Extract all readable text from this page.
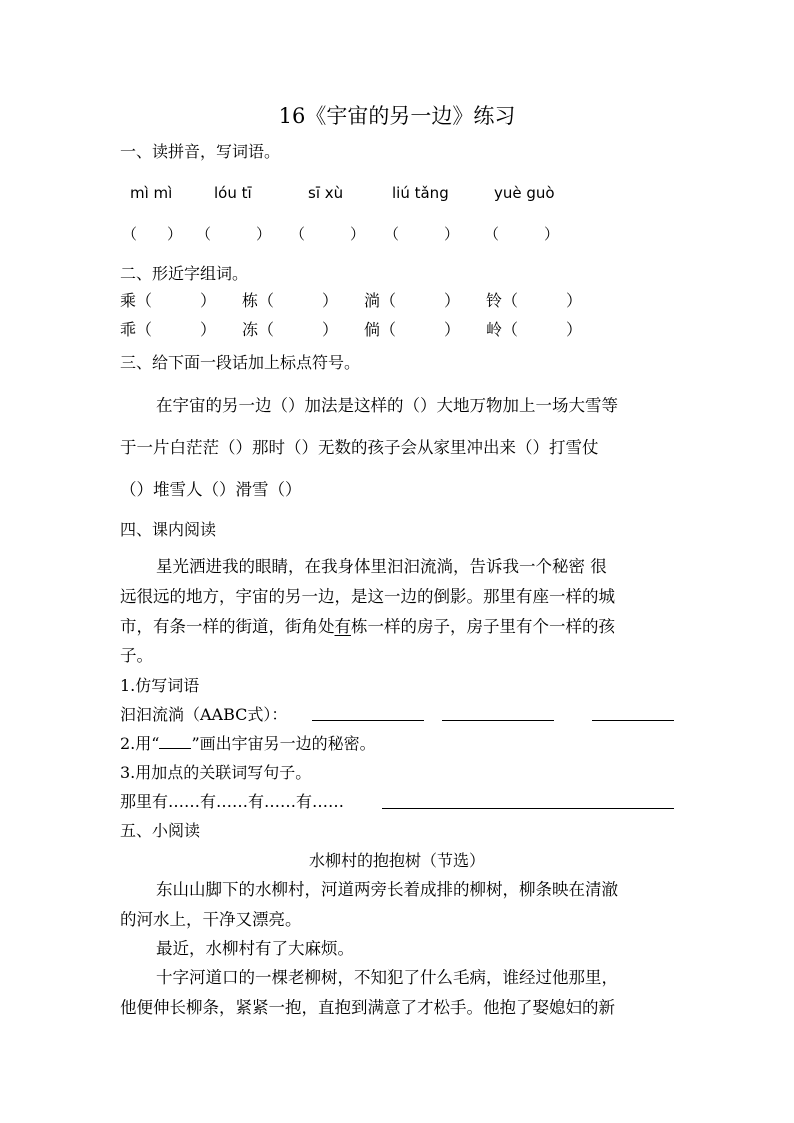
16《宇宙的另一边》练习
一、读拼音，写词语。
mì mì	lóu tī	sī xù	liú tǎng	yuè guò
（　　） （　　　） （　　　） （　　　） （　　　）
二、形近字组词。
乘（　　　） 栋（　　　） 淌（　　　） 铃（　　　）
乖（　　　） 冻（　　　） 倘（　　　） 岭（　　　）
三、给下面一段话加上标点符号。
在宇宙的另一边（）加法是这样的（）大地万物加上一场大雪等
于一片白茫茫（）那时（）无数的孩子会从家里冲出来（）打雪仗
（）堆雪人（）滑雪（）
四、课内阅读
星光洒进我的眼睛，在我身体里汩汩流淌，告诉我一个秘密 很
远很远的地方，宇宙的另一边，是这一边的倒影。那里有座一样的城
市，有条一样的街道，街角处有栋一样的房子，房子里有个一样的孩
子。
1.仿写词语
汩汩流淌（AABC式）：
2.用“ ”画出宇宙另一边的秘密。
3.用加点的关联词写句子。
那里有……有……有……有……
五、小阅读
水柳村的抱抱树（节选）
东山山脚下的水柳村，河道两旁长着成排的柳树，柳条映在清澈
的河水上，干净又漂亮。
最近，水柳村有了大麻烦。
十字河道口的一棵老柳树，不知犯了什么毛病，谁经过他那里，
他便伸长柳条，紧紧一抱，直抱到满意了才松手。他抱了娶媳妇的新
